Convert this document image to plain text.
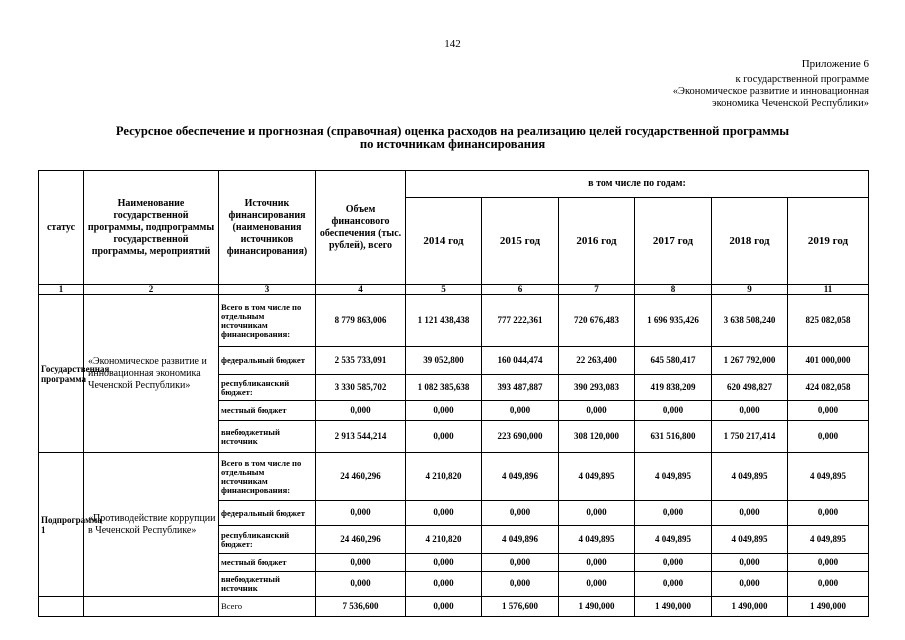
142
Приложение 6
к государственной программе
«Экономическое развитие и инновационная
экономика Чеченской Республики»
Ресурсное обеспечение и прогнозная (справочная) оценка расходов на реализацию целей государственной программы
по источникам финансирования
статус	Наименование государственной программы, подпрограммы государственной программы, мероприятий	Источник финансирования (наименования источников финансирования)	Объем финансового обеспечения (тыс. рублей), всего	в том числе по годам:					
				2014 год	2015 год	2016 год	2017 год	2018 год	2019 год
1	2	3	4	5	6	7	8	9	11
Государственная программа	«Экономическое развитие и инновационная экономика Чеченской Республики»	Всего в том числе по отдельным источникам финансирования:	8 779 863,006	1 121 438,438	777 222,361	720 676,483	1 696 935,426	3 638 508,240	825 082,058
		федеральный бюджет	2 535 733,091	39 052,800	160 044,474	22 263,400	645 580,417	1 267 792,000	401 000,000
		республиканский бюджет:	3 330 585,702	1 082 385,638	393 487,887	390 293,083	419 838,209	620 498,827	424 082,058
		местный бюджет	0,000	0,000	0,000	0,000	0,000	0,000	0,000
		внебюджетный источник	2 913 544,214	0,000	223 690,000	308 120,000	631 516,800	1 750 217,414	0,000
Подпрограмма 1	«Противодействие коррупции в Чеченской Республике»	Всего в том числе по отдельным источникам финансирования:	24 460,296	4 210,820	4 049,896	4 049,895	4 049,895	4 049,895	4 049,895
		федеральный бюджет	0,000	0,000	0,000	0,000	0,000	0,000	0,000
		республиканский бюджет:	24 460,296	4 210,820	4 049,896	4 049,895	4 049,895	4 049,895	4 049,895
		местный бюджет	0,000	0,000	0,000	0,000	0,000	0,000	0,000
		внебюджетный источник	0,000	0,000	0,000	0,000	0,000	0,000	0,000
		Всего	7 536,600	0,000	1 576,600	1 490,000	1 490,000	1 490,000	1 490,000
